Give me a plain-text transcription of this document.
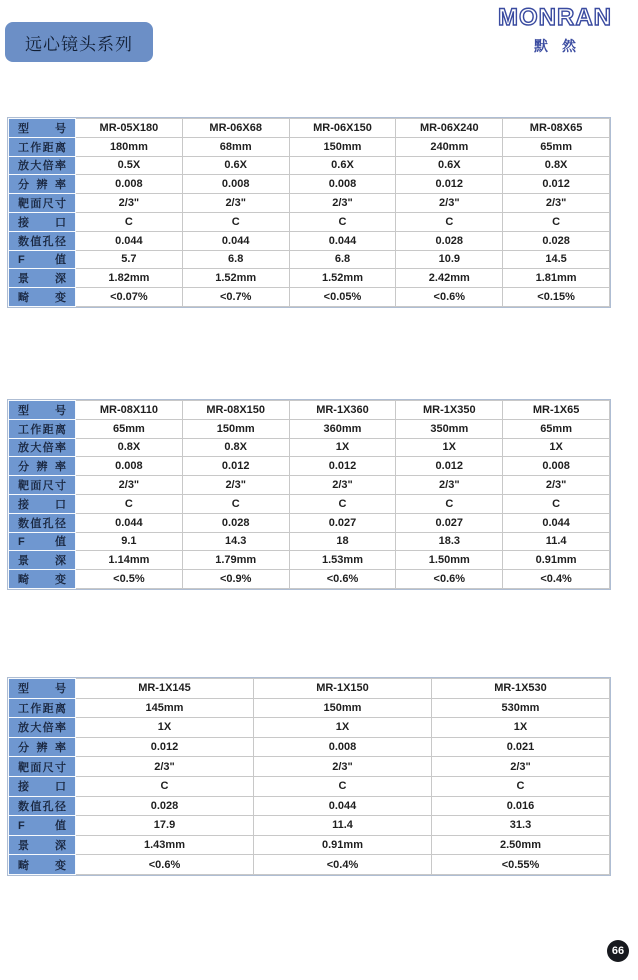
MONRAN
默然
远心镜头系列
型号	MR-05X180	MR-06X68	MR-06X150	MR-06X240	MR-08X65

工作距离	180mm	68mm	150mm	240mm	65mm

放大倍率	0.5X	0.6X	0.6X	0.6X	0.8X

分辨率	0.008	0.008	0.008	0.012	0.012

靶面尺寸	2/3"	2/3"	2/3"	2/3"	2/3"

接口	C	C	C	C	C

数值孔径	0.044	0.044	0.044	0.028	0.028

F值	5.7	6.8	6.8	10.9	14.5

景深	1.82mm	1.52mm	1.52mm	2.42mm	1.81mm

畸变	<0.07%	<0.7%	<0.05%	<0.6%	<0.15%
型号	MR-08X110	MR-08X150	MR-1X360	MR-1X350	MR-1X65

工作距离	65mm	150mm	360mm	350mm	65mm

放大倍率	0.8X	0.8X	1X	1X	1X

分辨率	0.008	0.012	0.012	0.012	0.008

靶面尺寸	2/3"	2/3"	2/3"	2/3"	2/3"

接口	C	C	C	C	C

数值孔径	0.044	0.028	0.027	0.027	0.044

F值	9.1	14.3	18	18.3	11.4

景深	1.14mm	1.79mm	1.53mm	1.50mm	0.91mm

畸变	<0.5%	<0.9%	<0.6%	<0.6%	<0.4%
型号	MR-1X145	MR-1X150	MR-1X530

工作距离	145mm	150mm	530mm

放大倍率	1X	1X	1X

分辨率	0.012	0.008	0.021

靶面尺寸	2/3"	2/3"	2/3"

接口	C	C	C

数值孔径	0.028	0.044	0.016

F值	17.9	11.4	31.3

景深	1.43mm	0.91mm	2.50mm

畸变	<0.6%	<0.4%	<0.55%
66
